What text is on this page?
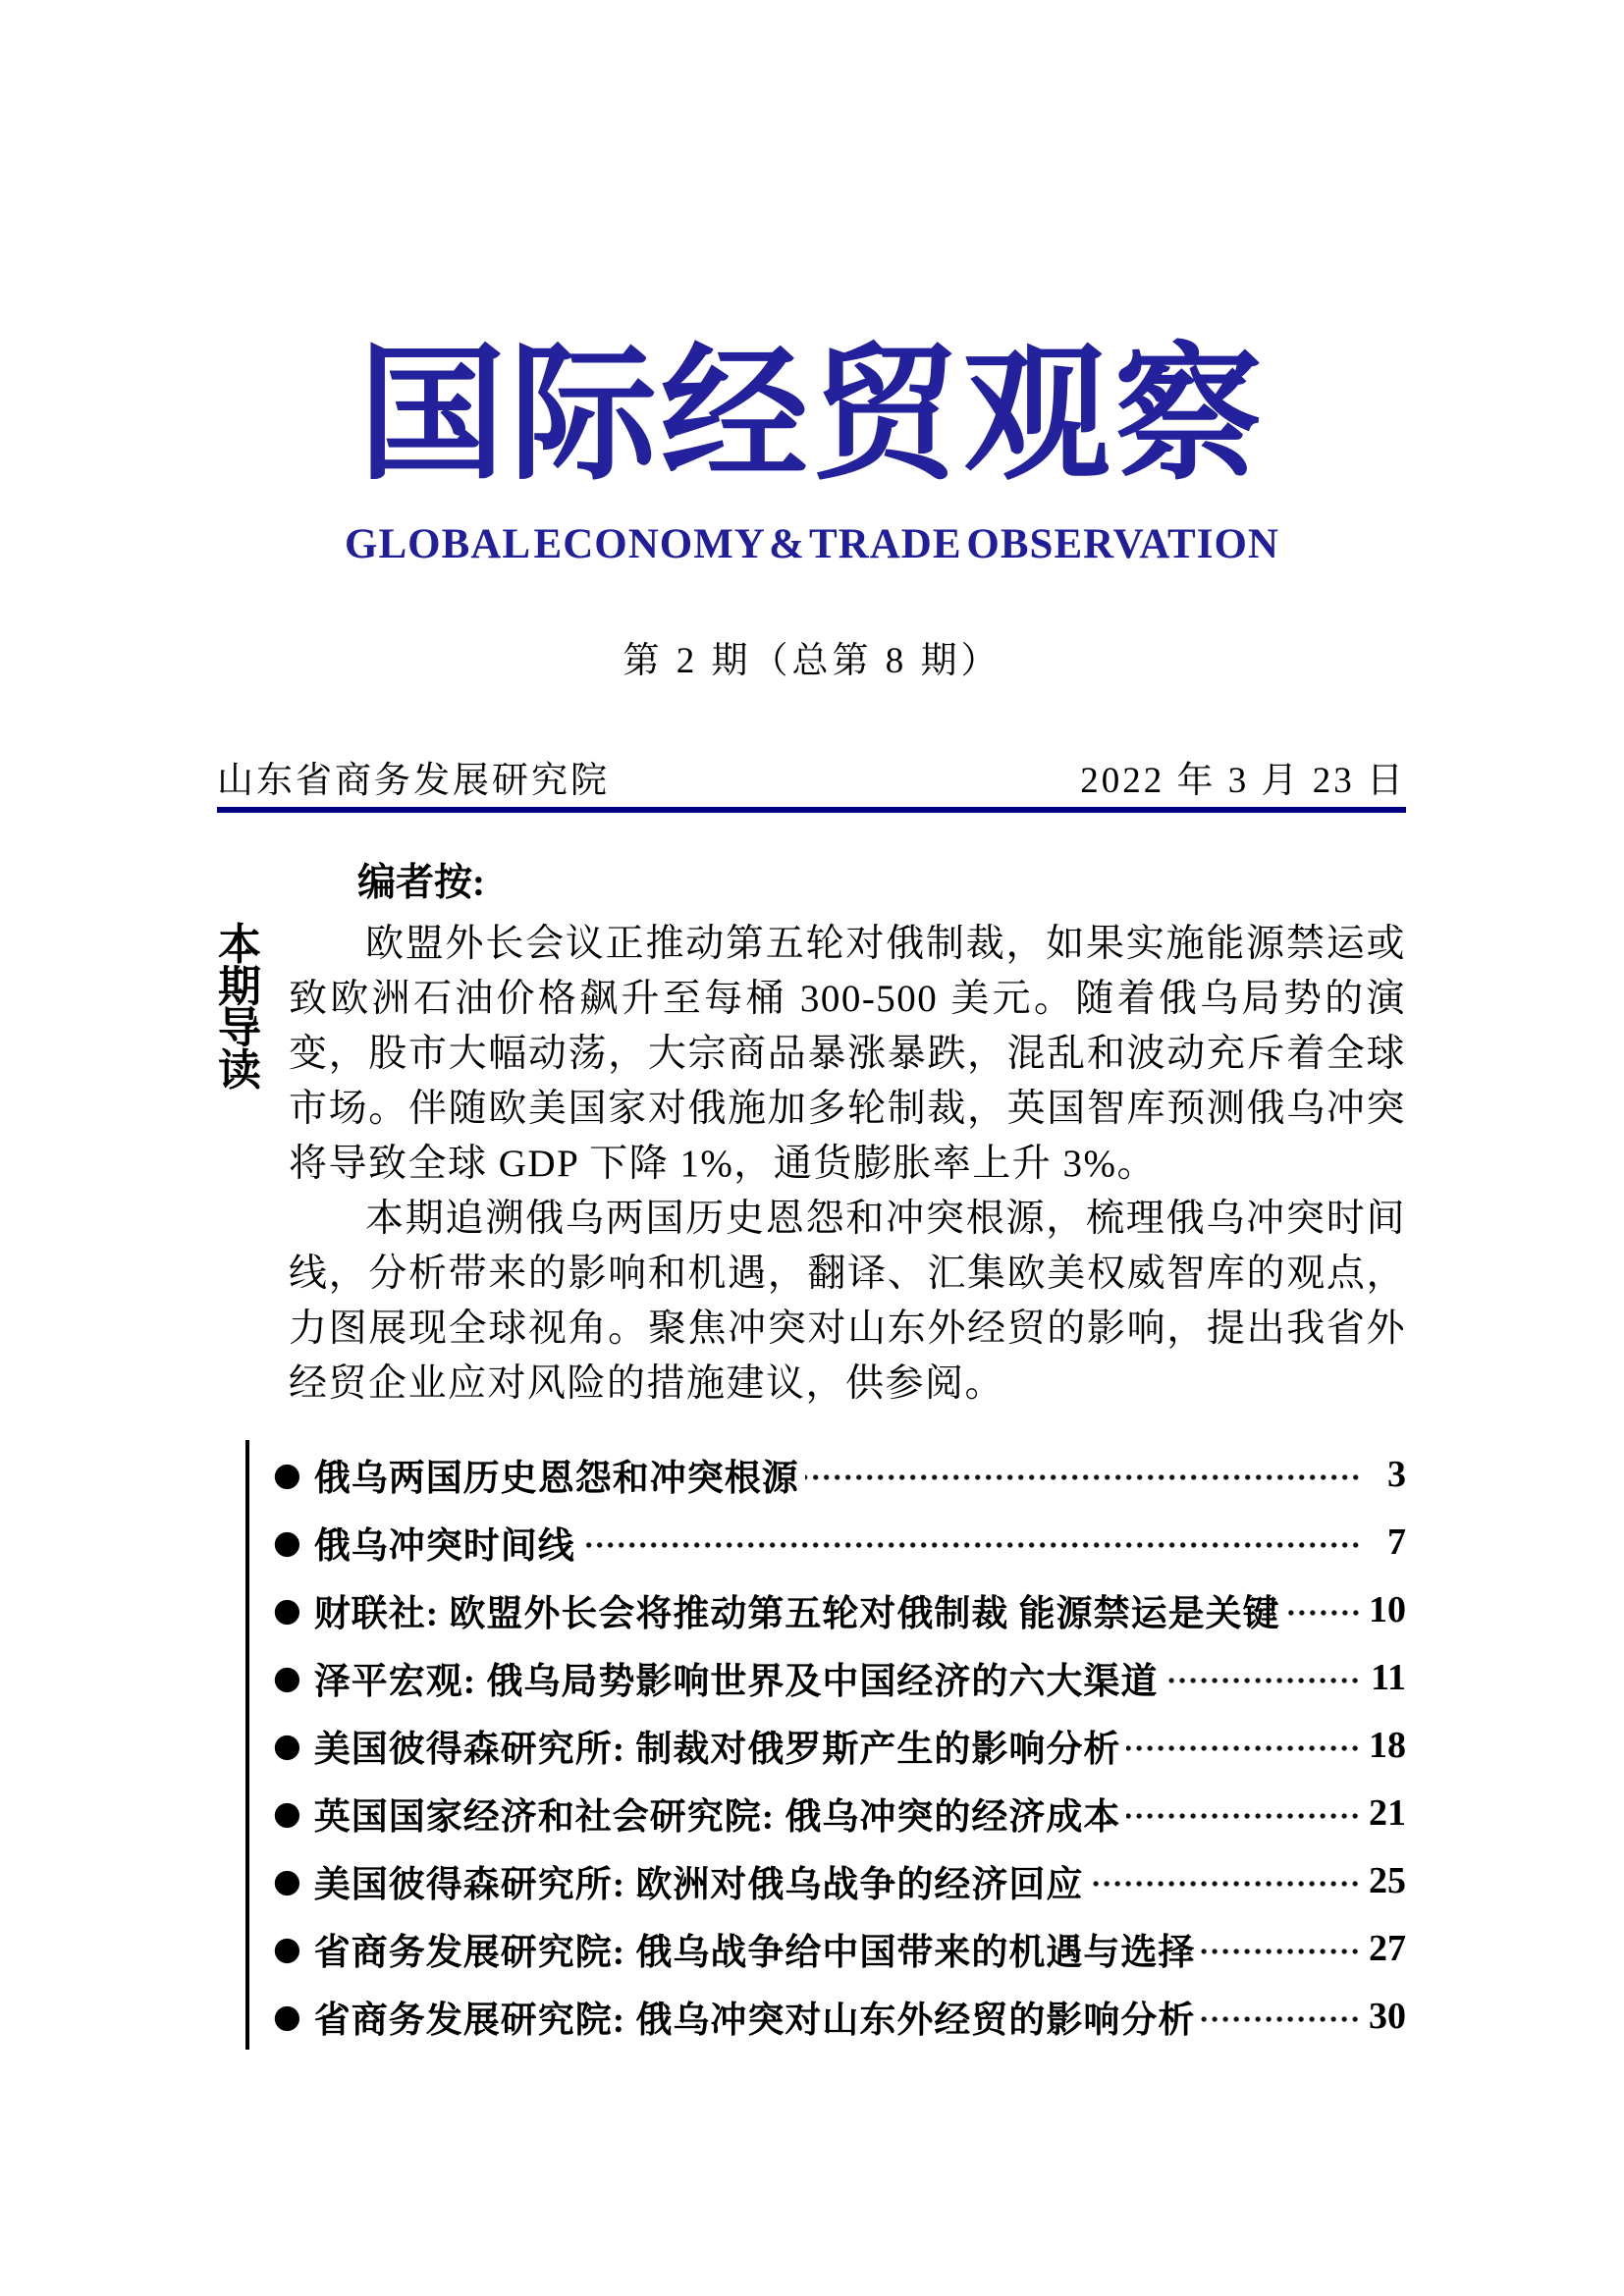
国际经贸观察
GLOBAL ECONOMY & TRADE OBSERVATION
第 2 期（总第 8 期）
山东省商务发展研究院	2022 年 3 月 23 日
本期导读

编者按:

欧盟外长会议正推动第五轮对俄制裁，如果实施能源禁运或致欧洲石油价格飙升至每桶 300-500 美元。随着俄乌局势的演变，股市大幅动荡，大宗商品暴涨暴跌，混乱和波动充斥着全球市场。伴随欧美国家对俄施加多轮制裁，英国智库预测俄乌冲突将导致全球 GDP 下降 1%，通货膨胀率上升 3%。

本期追溯俄乌两国历史恩怨和冲突根源，梳理俄乌冲突时间线，分析带来的影响和机遇，翻译、汇集欧美权威智库的观点，力图展现全球视角。聚焦冲突对山东外经贸的影响，提出我省外经贸企业应对风险的措施建议，供参阅。

● 俄乌两国历史恩怨和冲突根源	3
● 俄乌冲突时间线	7
● 财联社: 欧盟外长会将推动第五轮对俄制裁 能源禁运是关键 10
● 泽平宏观: 俄乌局势影响世界及中国经济的六大渠道	11
● 美国彼得森研究所: 制裁对俄罗斯产生的影响分析	18
● 英国国家经济和社会研究院: 俄乌冲突的经济成本	21
● 美国彼得森研究所: 欧洲对俄乌战争的经济回应	25
● 省商务发展研究院: 俄乌战争给中国带来的机遇与选择	27
● 省商务发展研究院: 俄乌冲突对山东外经贸的影响分析	30
